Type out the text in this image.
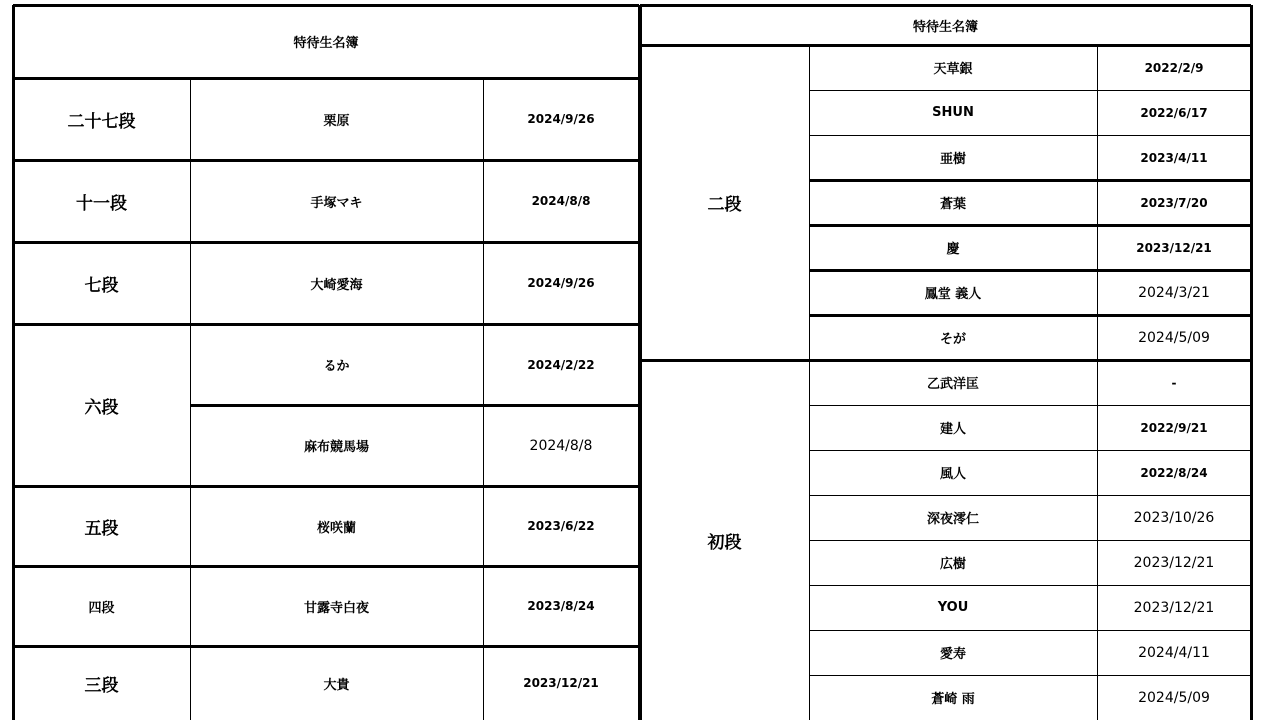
特待生名簿
二十七段	栗原	2024/9/26
十一段	手塚マキ	2024/8/8
七段	大崎愛海	2024/9/26
六段
るか	2024/2/22
麻布競馬場	2024/8/8
五段	桜咲蘭	2023/6/22
四段	甘露寺白夜	2023/8/24
三段	大貴	2023/12/21
特待生名簿
二段
天草銀	2022/2/9
SHUN	2022/6/17
亜樹	2023/4/11
蒼葉	2023/7/20
慶	2023/12/21
鳳堂 義人	2024/3/21
そが	2024/5/09
初段
乙武洋匡	-
建人	2022/9/21
風人	2022/8/24
深夜澪仁	2023/10/26
広樹	2023/12/21
YOU	2023/12/21
愛寿	2024/4/11
蒼崎 雨	2024/5/09
